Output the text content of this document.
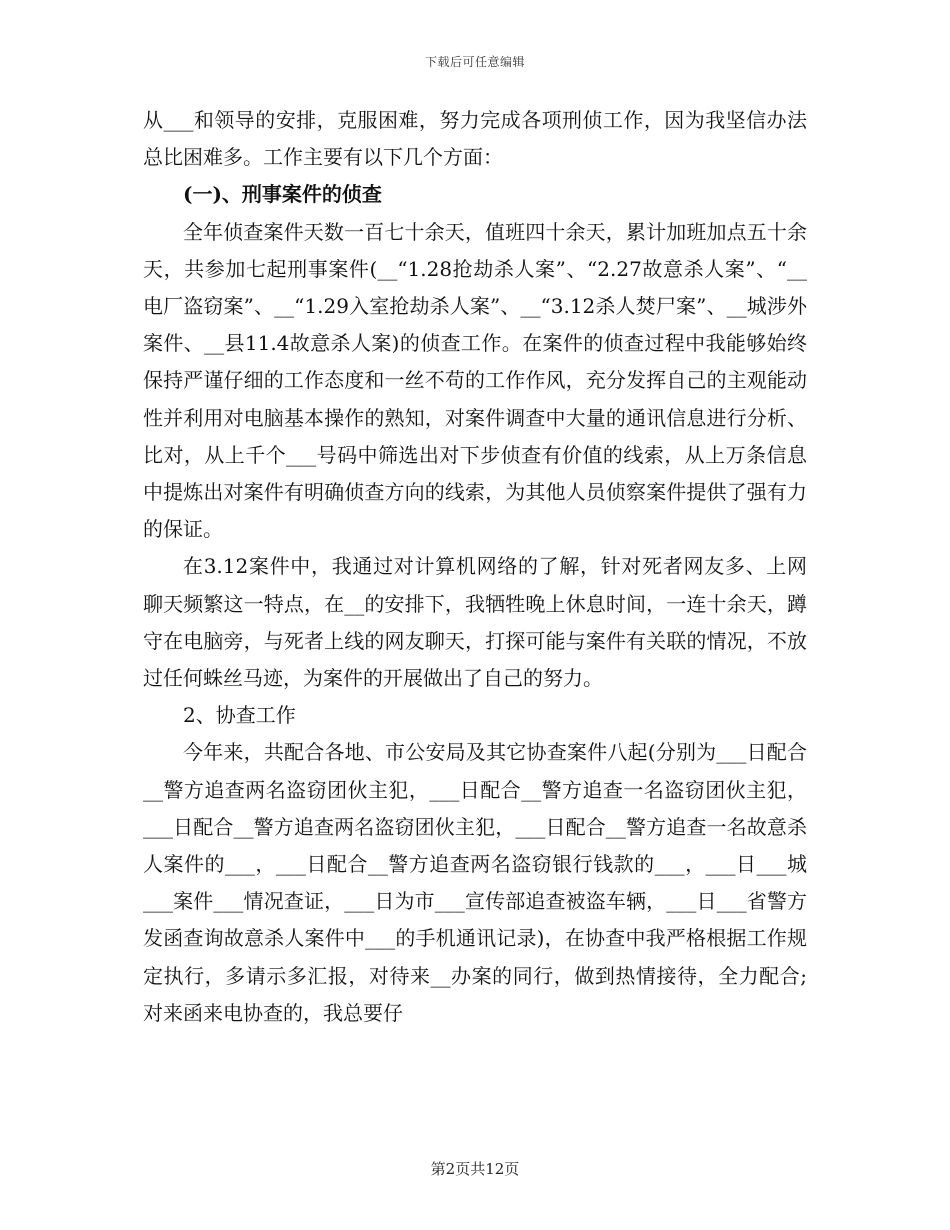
下载后可任意编辑

从___和领导的安排，克服困难，努力完成各项刑侦工作，因为我坚信办法总比困难多。工作主要有以下几个方面：

(一)、刑事案件的侦查

全年侦查案件天数一百七十余天，值班四十余天，累计加班加点五十余天，共参加七起刑事案件(__“1.28抢劫杀人案”、“2.27故意杀人案”、“__电厂盗窃案”、__“1.29入室抢劫杀人案”、__“3.12杀人焚尸案”、__城涉外案件、__县11.4故意杀人案)的侦查工作。在案件的侦查过程中我能够始终保持严谨仔细的工作态度和一丝不苟的工作作风，充分发挥自己的主观能动性并利用对电脑基本操作的熟知，对案件调查中大量的通讯信息进行分析、比对，从上千个___号码中筛选出对下步侦查有价值的线索，从上万条信息中提炼出对案件有明确侦查方向的线索，为其他人员侦察案件提供了强有力的保证。

在3.12案件中，我通过对计算机网络的了解，针对死者网友多、上网聊天频繁这一特点，在__的安排下，我牺牲晚上休息时间，一连十余天，蹲守在电脑旁，与死者上线的网友聊天，打探可能与案件有关联的情况，不放过任何蛛丝马迹，为案件的开展做出了自己的努力。

2、协查工作

今年来，共配合各地、市公安局及其它协查案件八起(分别为___日配合__警方追查两名盗窃团伙主犯，___日配合__警方追查一名盗窃团伙主犯，___日配合__警方追查两名盗窃团伙主犯，___日配合__警方追查一名故意杀人案件的___，___日配合__警方追查两名盗窃银行钱款的___，___日___城___案件___情况查证，___日为市___宣传部追查被盗车辆，___日___省警方发函查询故意杀人案件中___的手机通讯记录)，在协查中我严格根据工作规定执行，多请示多汇报，对待来__办案的同行，做到热情接待，全力配合;对来函来电协查的，我总要仔

第2页共12页
